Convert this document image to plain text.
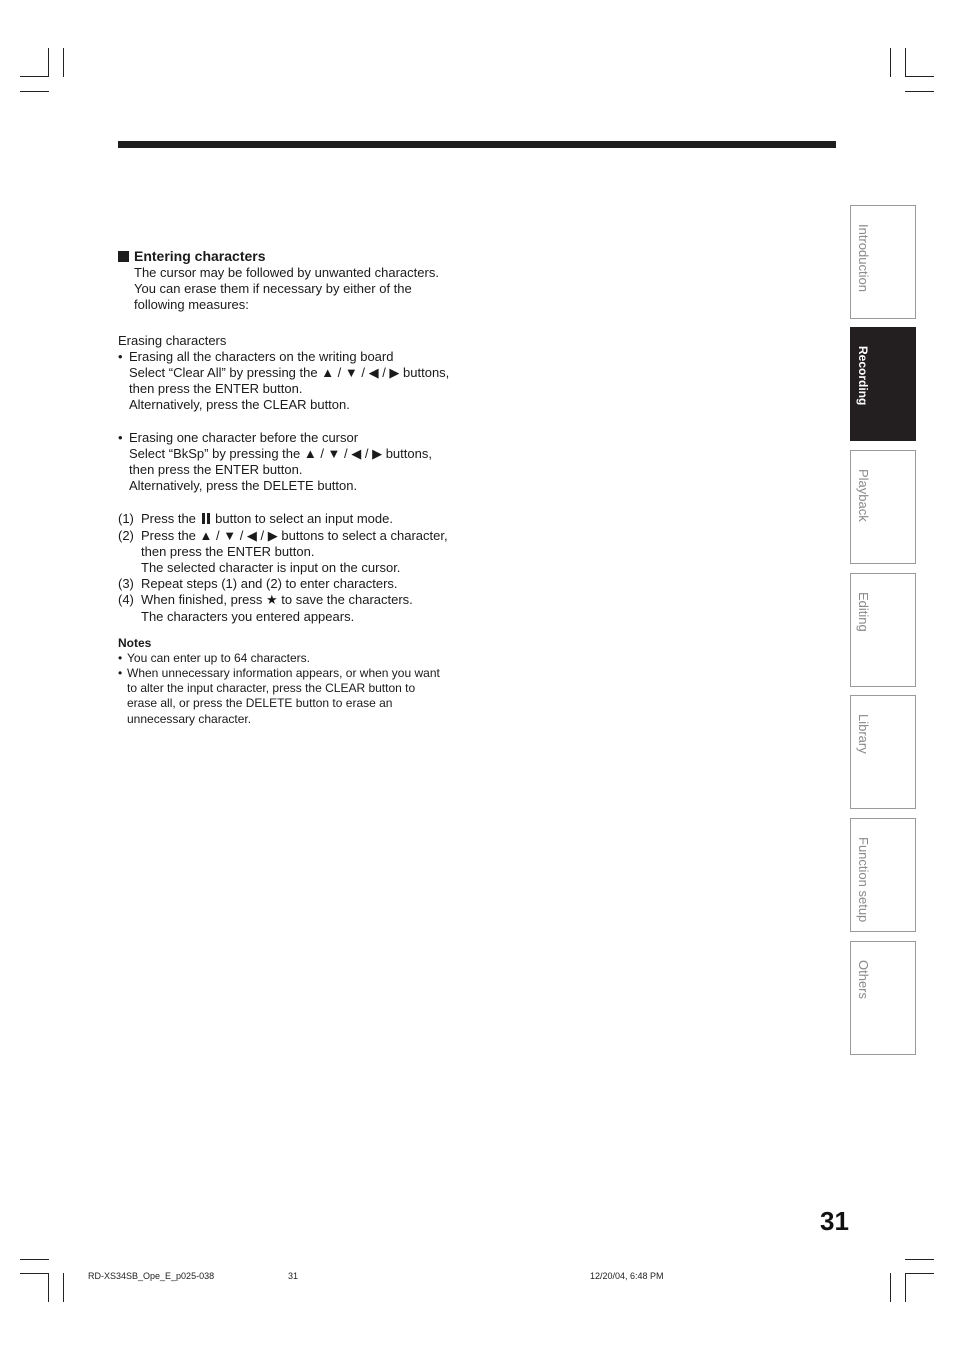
Entering characters
The cursor may be followed by unwanted characters.
You can erase them if necessary by either of the
following measures:
Erasing characters
• Erasing all the characters on the writing board
Select “Clear All” by pressing the ▲ / ▼ / ◀ / ▶ buttons,
then press the ENTER button.
Alternatively, press the CLEAR button.
• Erasing one character before the cursor
Select “BkSp” by pressing the ▲ / ▼ / ◀ / ▶ buttons,
then press the ENTER button.
Alternatively, press the DELETE button.
(1) Press the button to select an input mode.
(2) Press the ▲ / ▼ / ◀ / ▶ buttons to select a character,
then press the ENTER button.
The selected character is input on the cursor.
(3) Repeat steps (1) and (2) to enter characters.
(4) When finished, press ★ to save the characters.
The characters you entered appears.
Notes
• You can enter up to 64 characters.
• When unnecessary information appears, or when you want
to alter the input character, press the CLEAR button to
erase all, or press the DELETE button to erase an
unnecessary character.
Introduction
Recording
Playback
Editing
Library
Function setup
Others
31
RD-XS34SB_Ope_E_p025-038	31	12/20/04, 6:48 PM
